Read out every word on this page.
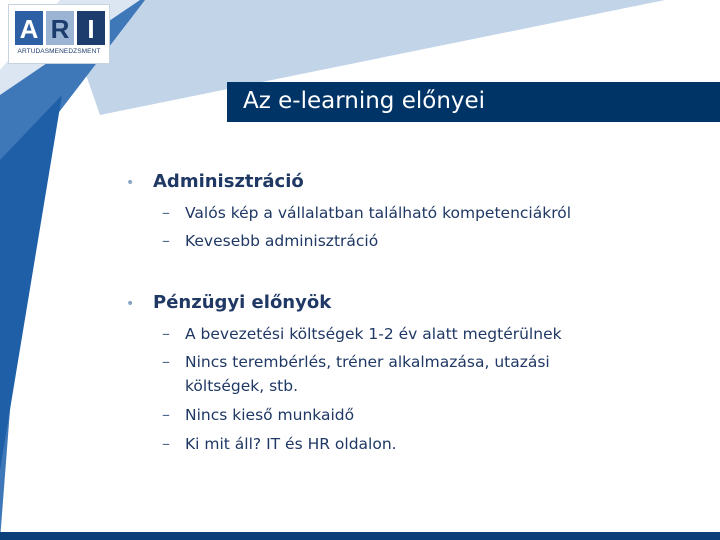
A R I
ARTUDASMENEDZSMENT
Az e-learning előnyei
• Adminisztráció
– Valós kép a vállalatban található kompetenciákról
– Kevesebb adminisztráció
• Pénzügyi előnyök
– A bevezetési költségek 1-2 év alatt megtérülnek
– Nincs terembérlés, tréner alkalmazása, utazási
költségek, stb.
– Nincs kieső munkaidő
– Ki mit áll? IT és HR oldalon.
